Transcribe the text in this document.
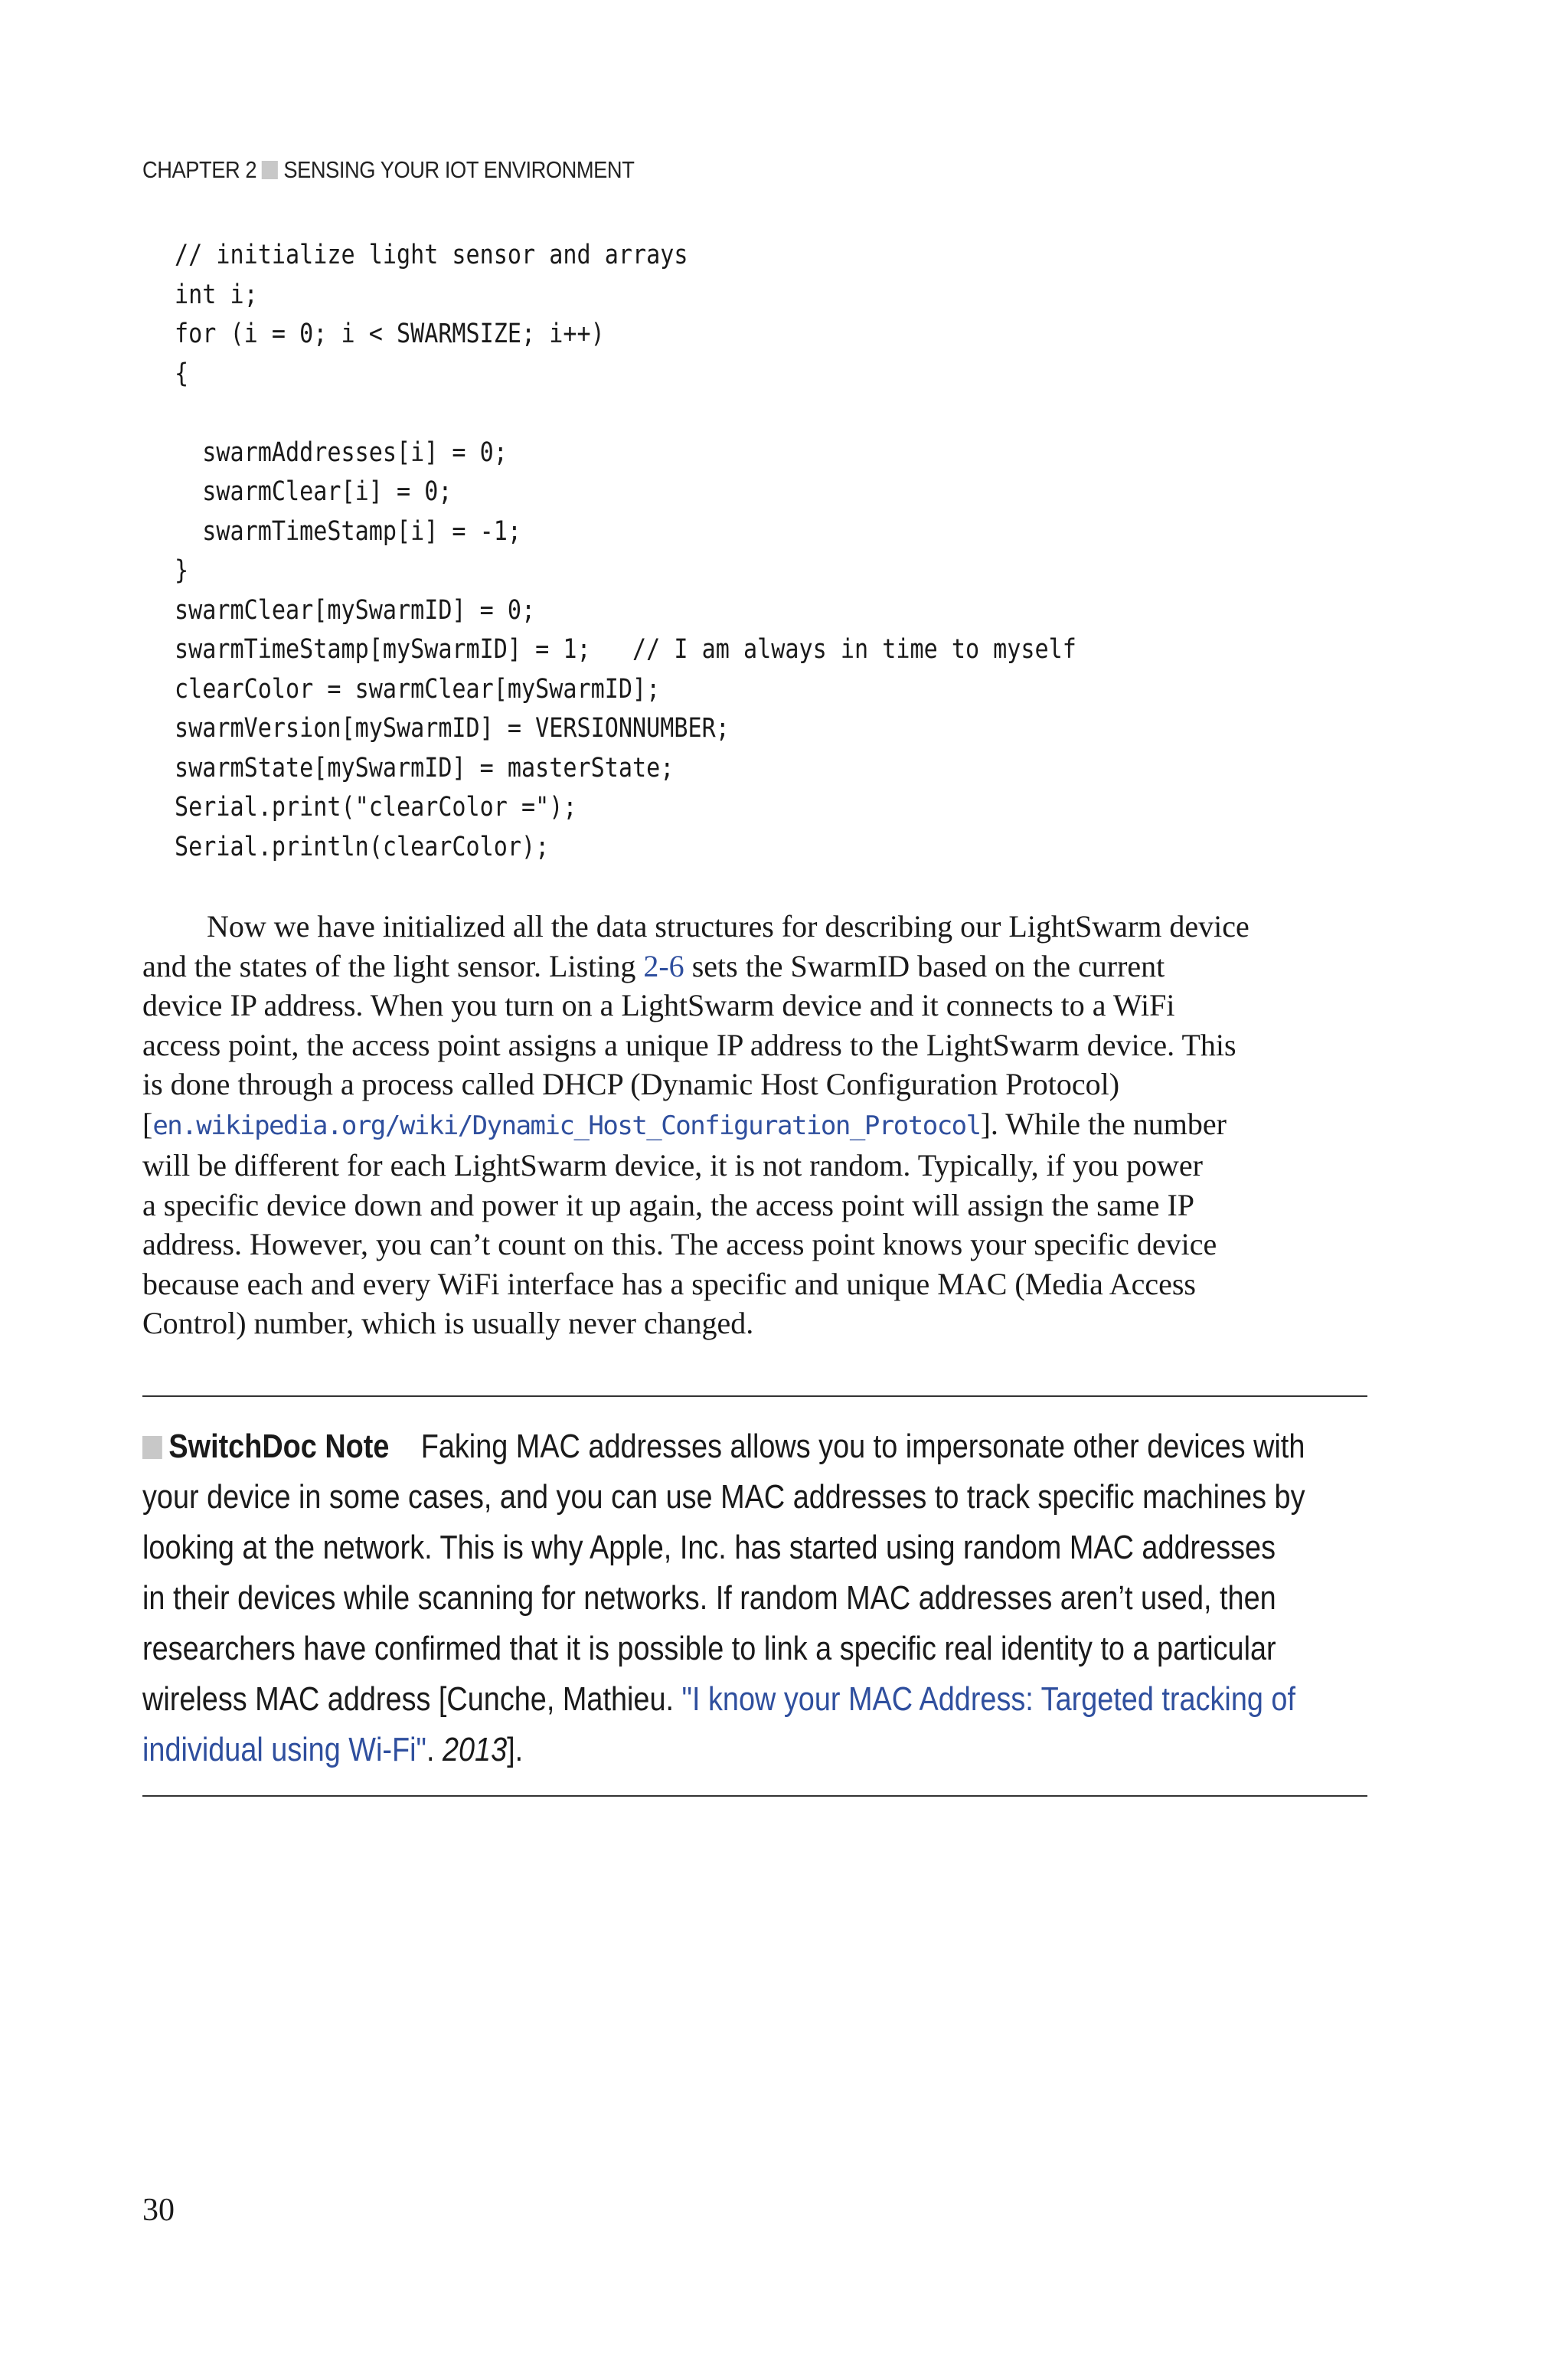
CHAPTER 2 SENSING YOUR IOT ENVIRONMENT
// initialize light sensor and arrays
int i;
for (i = 0; i < SWARMSIZE; i++)
{
swarmAddresses[i] = 0;
swarmClear[i] = 0;
swarmTimeStamp[i] = -1;
}
swarmClear[mySwarmID] = 0;
swarmTimeStamp[mySwarmID] = 1;   // I am always in time to myself
clearColor = swarmClear[mySwarmID];
swarmVersion[mySwarmID] = VERSIONNUMBER;
swarmState[mySwarmID] = masterState;
Serial.print("clearColor =");
Serial.println(clearColor);
Now we have initialized all the data structures for describing our LightSwarm device
and the states of the light sensor. Listing 2-6 sets the SwarmID based on the current
device IP address. When you turn on a LightSwarm device and it connects to a WiFi
access point, the access point assigns a unique IP address to the LightSwarm device. This
is done through a process called DHCP (Dynamic Host Configuration Protocol)
[en.wikipedia.org/wiki/Dynamic_Host_Configuration_Protocol]. While the number
will be different for each LightSwarm device, it is not random. Typically, if you power
a specific device down and power it up again, the access point will assign the same IP
address. However, you can’t count on this. The access point knows your specific device
because each and every WiFi interface has a specific and unique MAC (Media Access
Control) number, which is usually never changed.
SwitchDoc Note Faking MAC addresses allows you to impersonate other devices with
your device in some cases, and you can use MAC addresses to track specific machines by
looking at the network. This is why Apple, Inc. has started using random MAC addresses
in their devices while scanning for networks. If random MAC addresses aren’t used, then
researchers have confirmed that it is possible to link a specific real identity to a particular
wireless MAC address [Cunche, Mathieu. "I know your MAC Address: Targeted tracking of
individual using Wi-Fi". 2013].
30
